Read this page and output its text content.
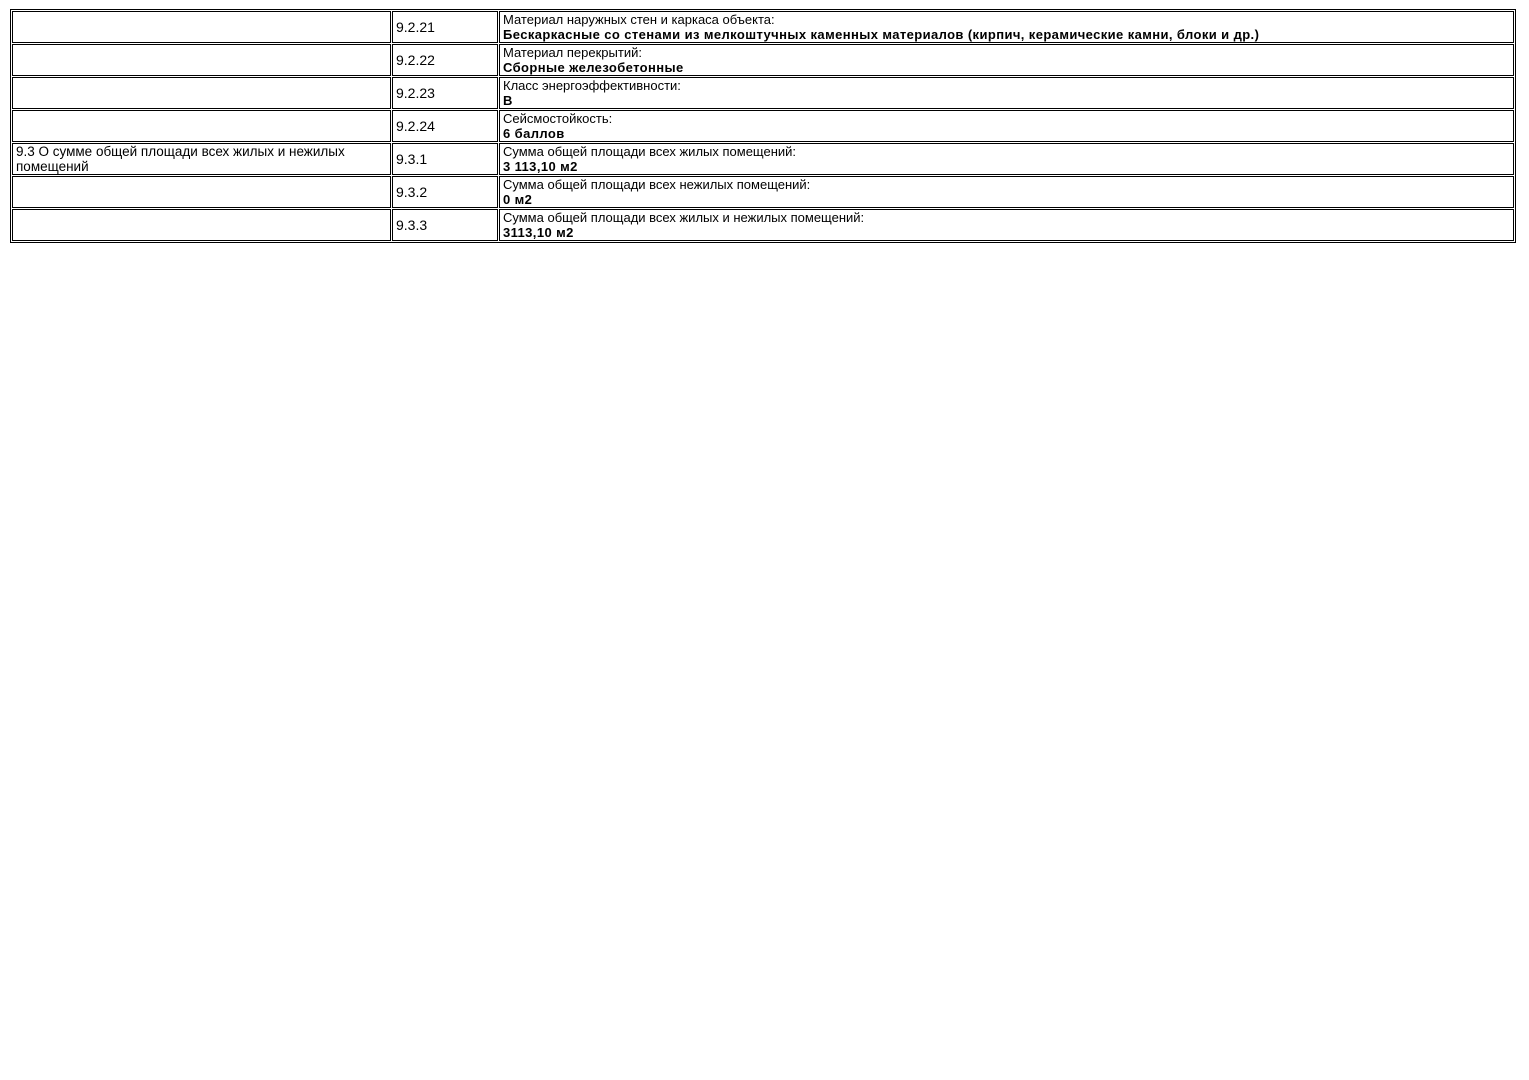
	9.2.21	Материал наружных стен и каркаса объекта:
Бескаркасные со стенами из мелкоштучных каменных материалов (кирпич, керамические камни, блоки и др.)

	9.2.22	Материал перекрытий:
Сборные железобетонные

	9.2.23	Класс энергоэффективности:
В

	9.2.24	Сейсмостойкость:
6 баллов

9.3 О сумме общей площади всех жилых и нежилых помещений	9.3.1	Сумма общей площади всех жилых помещений:
3 113,10 м2

	9.3.2	Сумма общей площади всех нежилых помещений:
0 м2

	9.3.3	Сумма общей площади всех жилых и нежилых помещений:
3113,10 м2
